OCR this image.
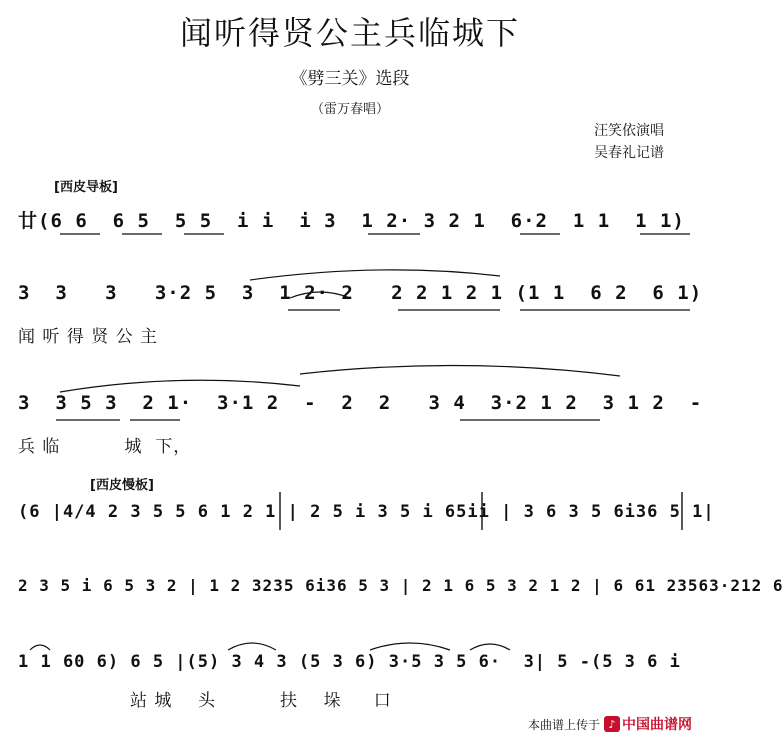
闻听得贤公主兵临城下
《劈三关》选段
（雷万春唱）
汪笑依演唱
吴春礼记谱
[西皮导板]
廿(6 6  6 5  5 5  i i  i 3  1 2· 3 2 1  6·2  1 1  1 1)
3  3   3   3·2 5  3  1 2· 2   2 2 1 2 1 (1 1  6 2  6 1)
闻 听 得 贤 公 主
3  3 5 3  2 1·  3·1 2  -  2  2   3 4  3·2 1 2  3 1 2  -
兵 临          城  下，
[西皮慢板]
(6 |4/4 2 3 5 5 6 1 2 1 | 2 5 i 3 5 i 65ii | 3 6 3 5 6i36 5 1|
2 3 5 i 6 5 3 2 | 1 2 3235 6i36 5 3 | 2 1 6 5 3 2 1 2 | 6 61 23563·212 6
1 1 60 6) 6 5 |(5) 3 4 3 (5 3 6) 3·5 3 5 6·  3| 5 -(5 3 6 i
站 城    头          扶    垛     口
本曲谱上传于 ♪ 中国曲谱网
